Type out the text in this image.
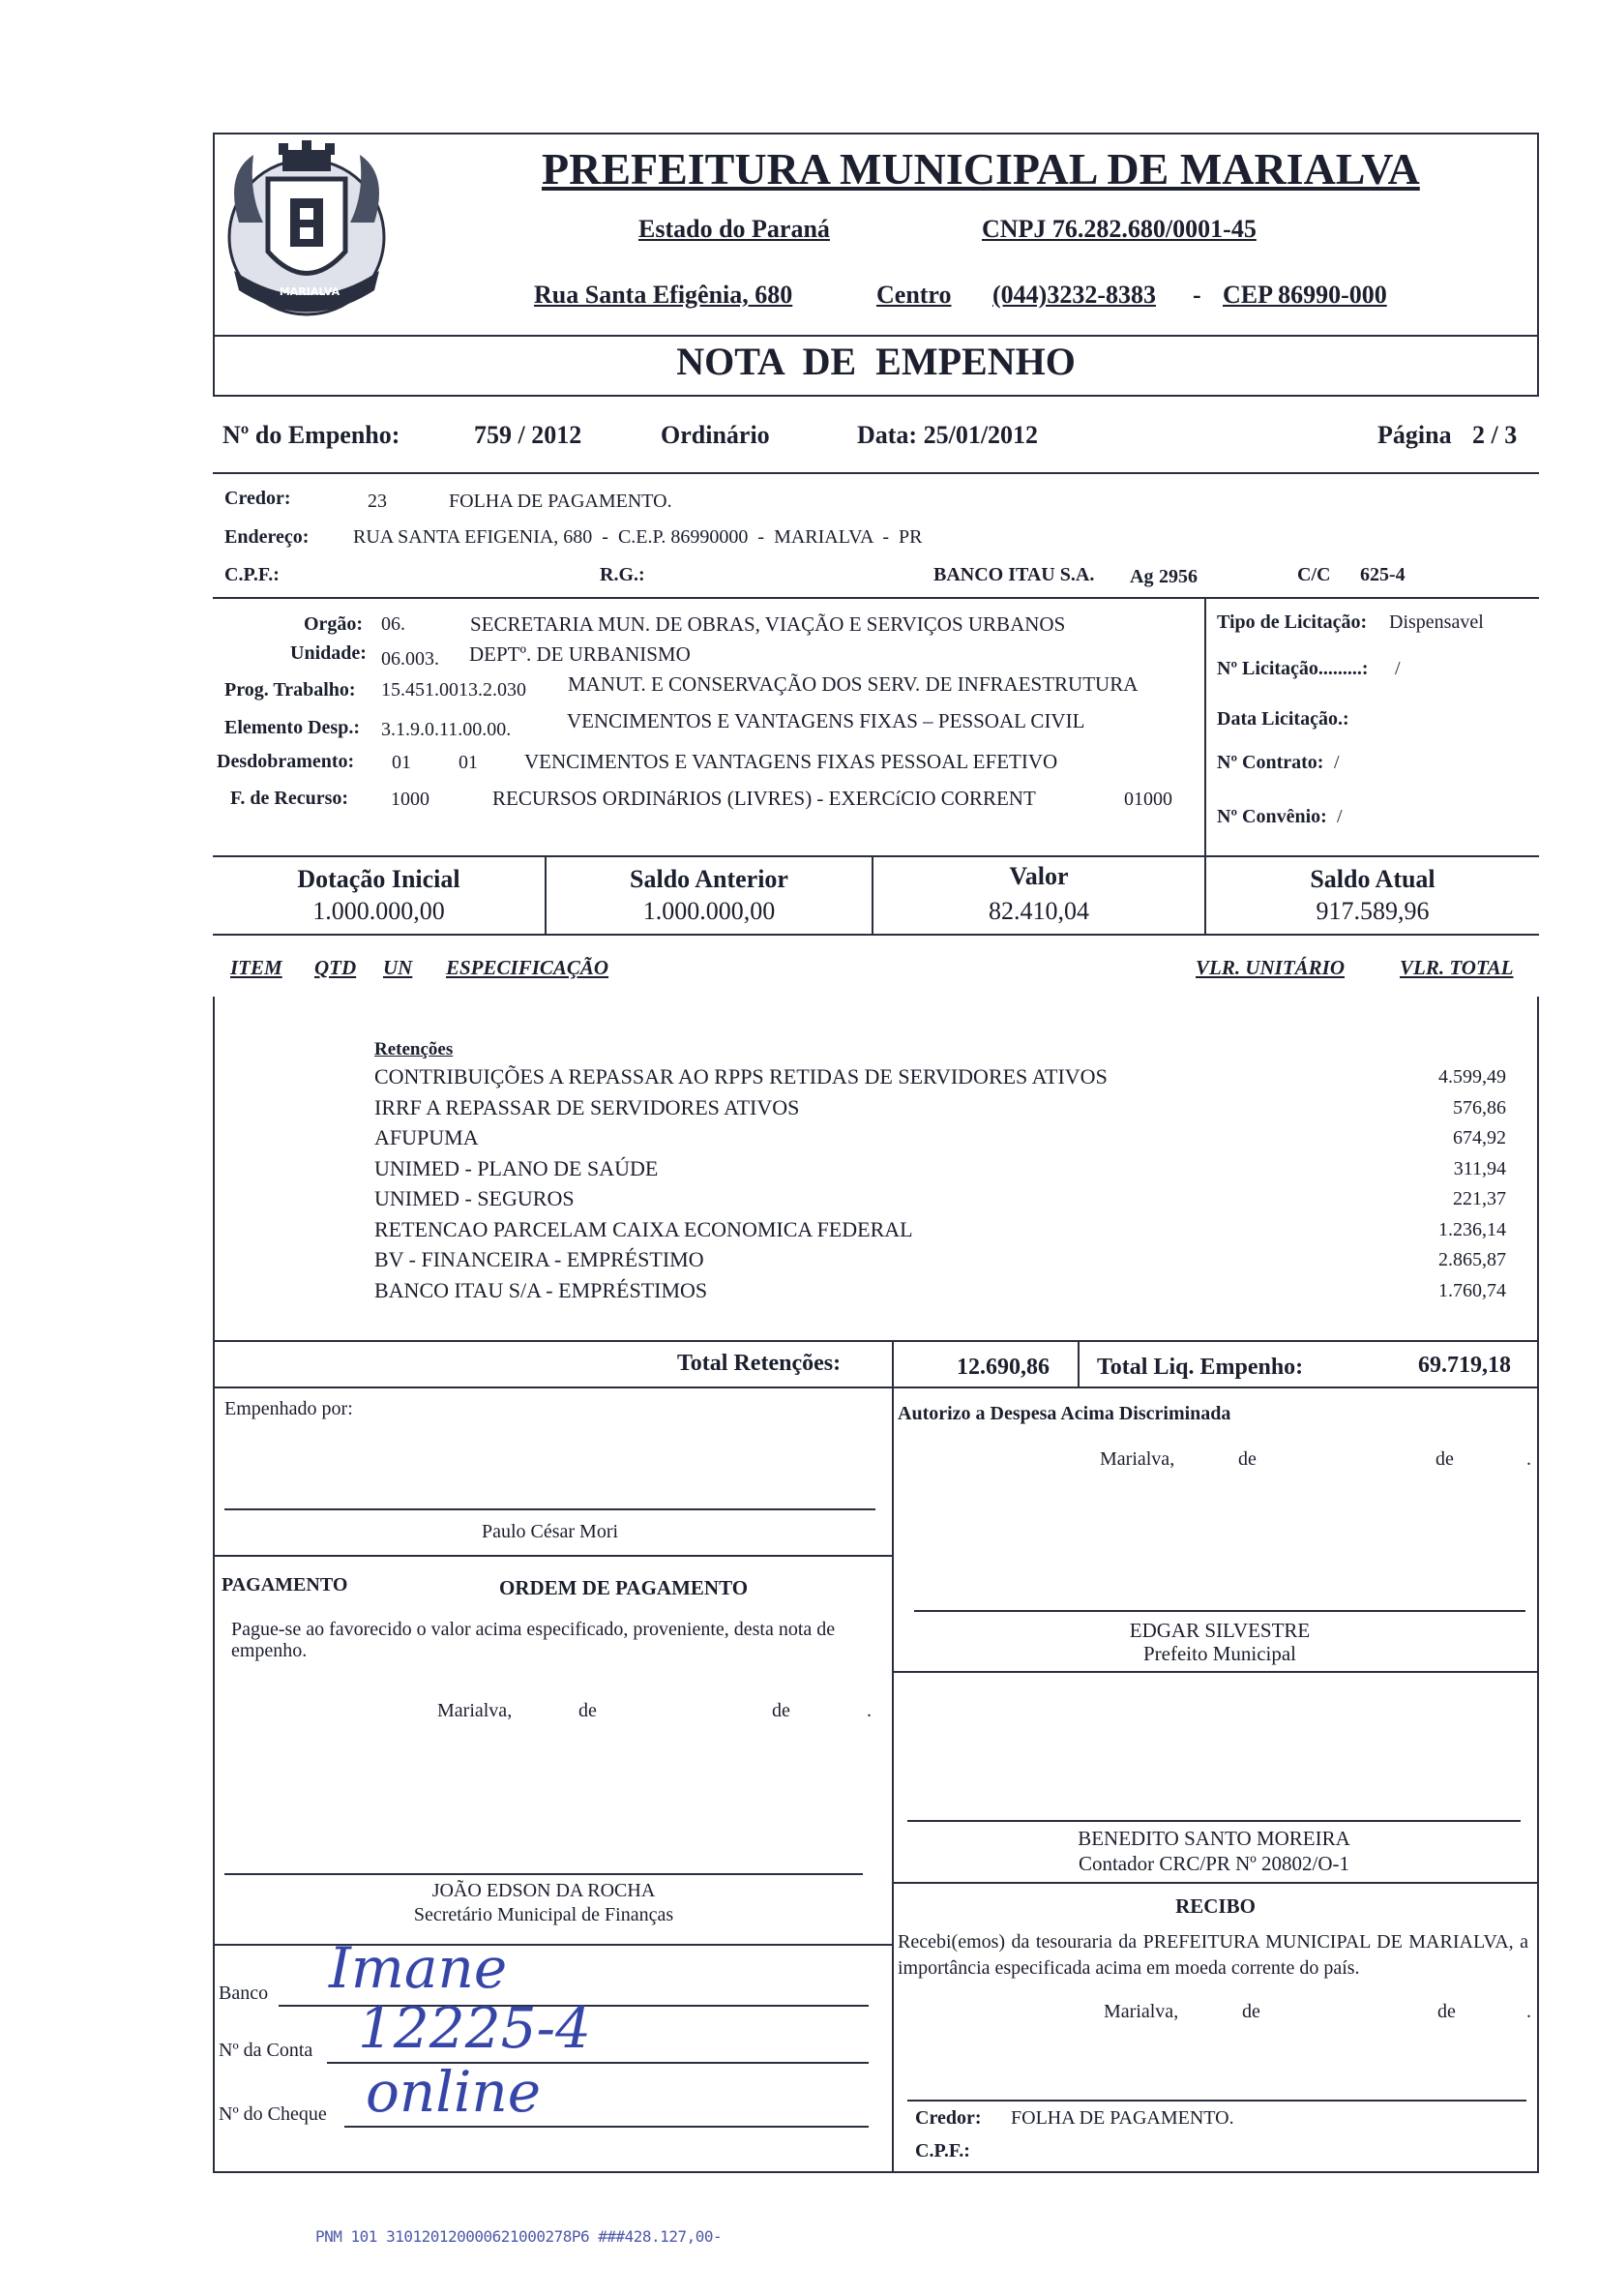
MARIALVA
PREFEITURA MUNICIPAL DE MARIALVA
Estado do Paraná	CNPJ 76.282.680/0001-45
Rua Santa Efigênia, 680	Centro (044)3232-8383 - CEP 86990-000
NOTA  DE  EMPENHO
Nº do Empenho:	759 / 2012	Ordinário	Data: 25/01/2012	Página 2 / 3
Credor:	23	FOLHA DE PAGAMENTO.
Endereço: RUA SANTA EFIGENIA, 680  -  C.E.P. 86990000  -  MARIALVA  -  PR
C.P.F.:	R.G.:	BANCO ITAU S.A. Ag 2956	C/C 625-4
Orgão: 06.	SECRETARIA MUN. DE OBRAS, VIAÇÃO E SERVIÇOS URBANOS
Unidade: 06.003. DEPTº. DE URBANISMO
Prog. Trabalho: 15.451.0013.2.030 MANUT. E CONSERVAÇÃO DOS SERV. DE INFRAESTRUTURA
Elemento Desp.: 3.1.9.0.11.00.00.	VENCIMENTOS E VANTAGENS FIXAS – PESSOAL CIVIL
Desdobramento: 01 01 VENCIMENTOS E VANTAGENS FIXAS PESSOAL EFETIVO
F. de Recurso: 1000	RECURSOS ORDINáRIOS (LIVRES) - EXERCíCIO CORRENT	01000
Tipo de Licitação: Dispensavel
Nº Licitação.........: /
Data Licitação.:
Nº Contrato: /
Nº Convênio: /
Dotação Inicial
1.000.000,00
Saldo Anterior
1.000.000,00
Valor
82.410,04
Saldo Atual
917.589,96
ITEM QTD UN ESPECIFICAÇÃO	VLR. UNITÁRIO	VLR. TOTAL
Retenções
CONTRIBUIÇÕES A REPASSAR AO RPPS RETIDAS DE SERVIDORES ATIVOS	4.599,49
IRRF A REPASSAR DE SERVIDORES ATIVOS	576,86
AFUPUMA	674,92
UNIMED - PLANO DE SAÚDE	311,94
UNIMED - SEGUROS	221,37
RETENCAO PARCELAM CAIXA ECONOMICA FEDERAL	1.236,14
BV - FINANCEIRA - EMPRÉSTIMO	2.865,87
BANCO ITAU S/A - EMPRÉSTIMOS	1.760,74
Total Retenções:	12.690,86 Total Liq. Empenho:	69.719,18
Empenhado por:
Paulo César Mori
PAGAMENTO	ORDEM DE PAGAMENTO
Pague-se ao favorecido o valor acima especificado, proveniente, desta nota de empenho.
Marialva,	de	de	.
JOÃO EDSON DA ROCHA
Secretário Municipal de Finanças
Banco Imane
Nº da Conta 12225-4
Nº do Cheque online
Autorizo a Despesa Acima Discriminada
Marialva,	de	de	.
EDGAR SILVESTRE
Prefeito Municipal
BENEDITO SANTO MOREIRA
Contador CRC/PR Nº 20802/O-1
RECIBO
Recebi(emos) da tesouraria da PREFEITURA MUNICIPAL DE MARIALVA, a importância especificada acima em moeda corrente do país.
Marialva,	de	de	.
Credor: FOLHA DE PAGAMENTO.
C.P.F.:
PNM 101 310120120000621000278P6 ###428.127,00-
